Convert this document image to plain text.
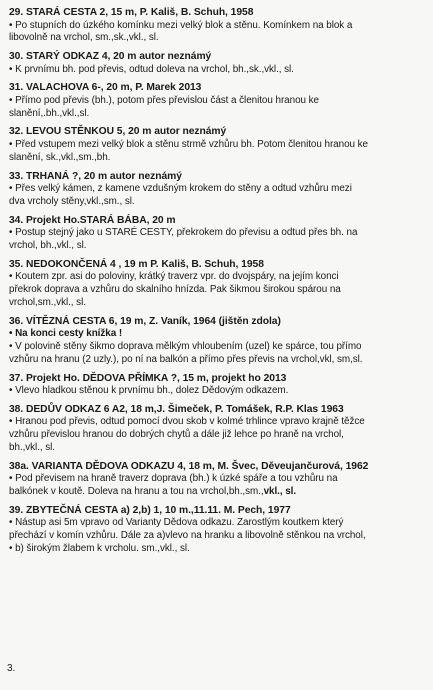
29. STARÁ CESTA 2, 15 m, P. Kališ, B. Schuh, 1958
• Po stupních do úzkého komínku mezi velký blok a stěnu. Komínkem na blok a
libovolně na vrchol, sm.,sk.,vkl., sl.
30. STARÝ ODKAZ 4, 20 m autor neznámý
• K prvnímu bh. pod převis, odtud doleva na vrchol, bh.,sk.,vkl., sl.
31. VALACHOVA 6-, 20 m, P. Marek 2013
• Přímo pod převis (bh.), potom přes převislou část a členitou hranou ke
slanění,.bh.,vkl.,sl.
32. LEVOU STĚNKOU 5, 20 m autor neznámý
• Před vstupem mezi velký blok a stěnu strmě vzhůru bh. Potom členitou hranou ke
slanění, sk.,vkl.,sm.,bh.
33. TRHANÁ ?, 20 m autor neznámý
• Přes velký kámen, z kamene vzdušným krokem do stěny a odtud vzhůru mezi
dva vrcholy stěny,vkl.,sm., sl.
34. Projekt Ho.STARÁ BÁBA, 20 m
• Postup stejný jako u STARÉ CESTY, překrokem do převisu a odtud přes bh. na
vrchol, bh.,vkl., sl.
35. NEDOKONČENÁ 4 , 19 m P. Kališ, B. Schuh, 1958
• Koutem zpr. asi do poloviny, krátký traverz vpr. do dvojspáry, na jejím konci
překrok doprava a vzhůru do skalního hnízda. Pak šikmou širokou spárou na
vrchol,sm.,vkl., sl.
36. VÍTĚZNÁ CESTA 6, 19 m, Z. Vaník, 1964 (jištěn zdola)
• Na konci cesty knížka !
• V polovině stěny šikmo doprava mělkým vhloubením (uzel) ke spárce, tou přímo
vzhůru na hranu (2 uzly.), po ní na balkón a přímo přes převis na vrchol,vkl, sm,sl.
37. Projekt Ho. DĚDOVA PŘÍMKA ?, 15 m, projekt ho 2013
• Vlevo hladkou stěnou k prvnímu bh., dolez Dědovým odkazem.
38. DEDŮV ODKAZ 6 A2, 18 m,J. Šimeček, P. Tomášek, R.P. Klas 1963
• Hranou pod převis, odtud pomocí dvou skob v kolmé trhlince vpravo krajně těžce
vzhůru převislou hranou do dobrých chytů a dále již lehce po hraně na vrchol,
bh.,vkl., sl.
38a. VARIANTA DĚDOVA ODKAZU 4, 18 m, M. Švec, Děveujančurová, 1962
• Pod převisem na hraně traverz doprava (bh.) k úzké spáře a tou vzhůru na
balkónek v koutě. Doleva na hranu a tou na vrchol,bh.,sm.,vkl., sl.
39. ZBYTEČNÁ CESTA a) 2,b) 1, 10 m.,11.11. M. Pech, 1977
• Nástup asi 5m vpravo od Varianty Dědova odkazu. Zarostlým koutkem který
přechází v komín vzhůru. Dále za a)vlevo na hranku a libovolně stěnkou na vrchol,
• b) širokým žlabem k vrcholu. sm.,vkl., sl.
3.
